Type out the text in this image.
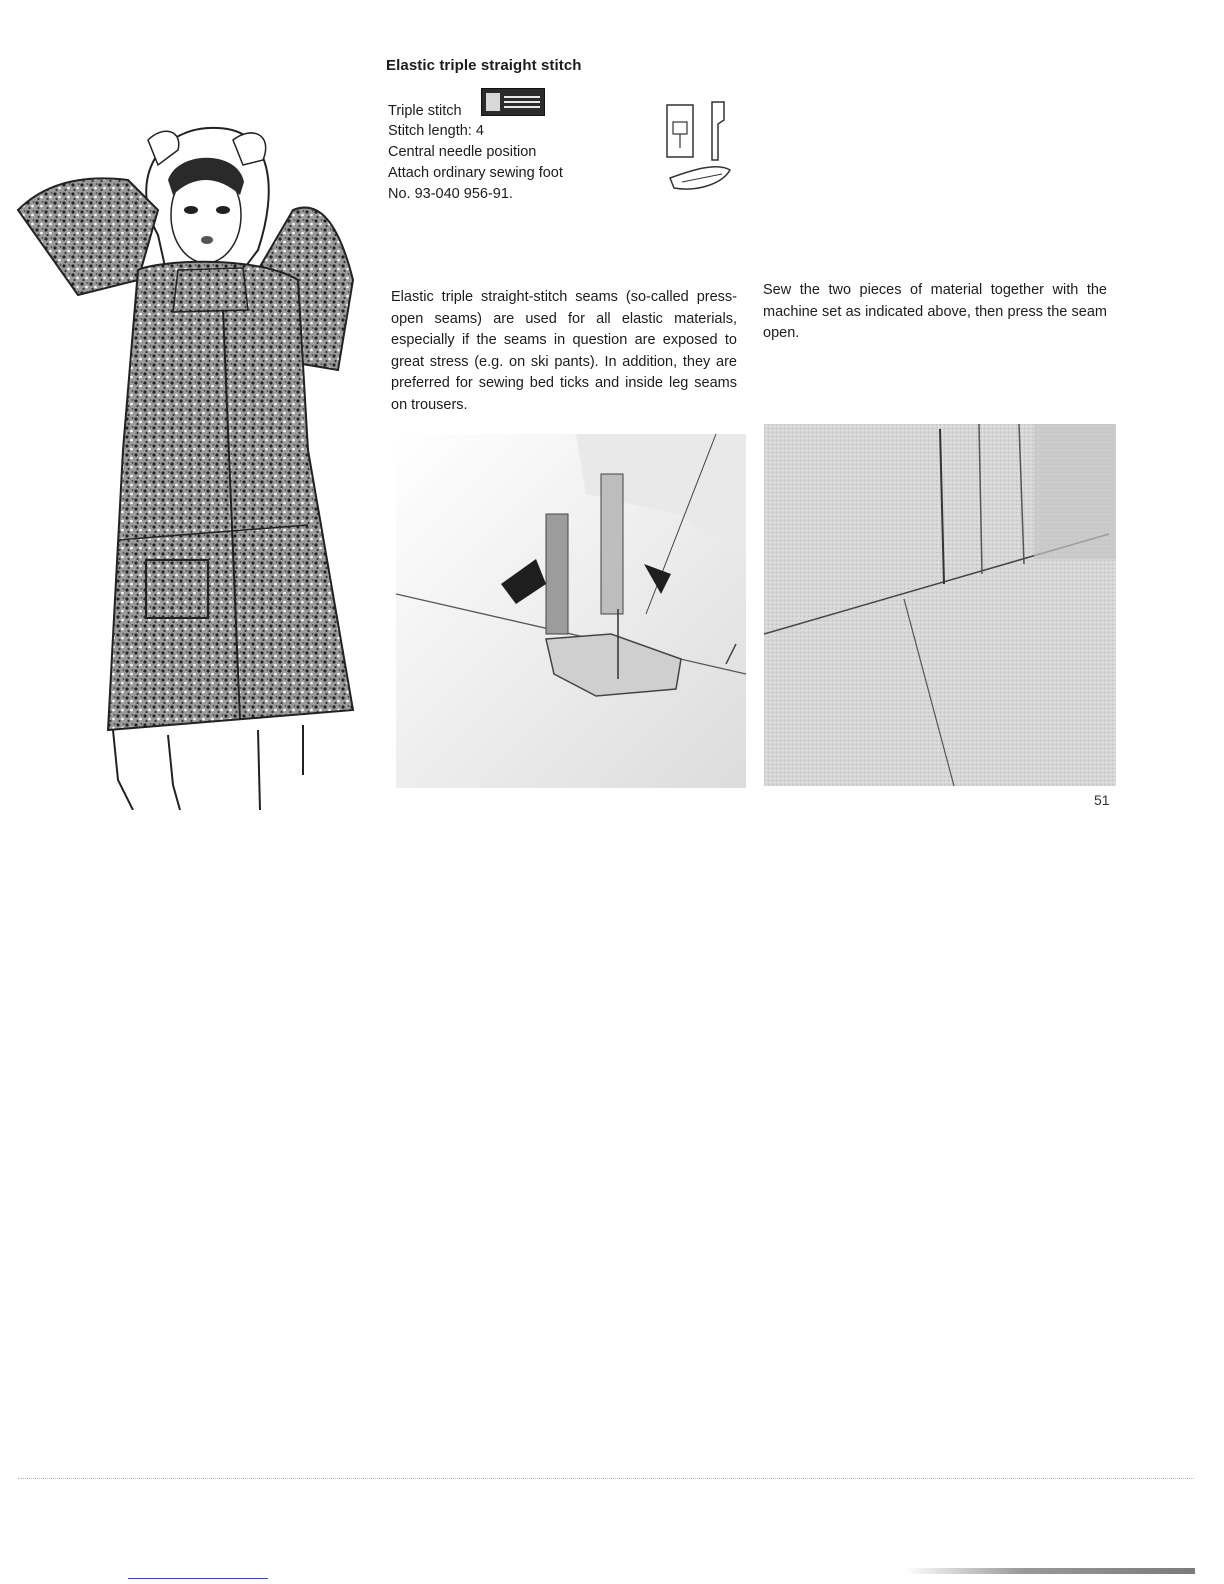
Elastic triple straight stitch
Triple stitch
Stitch length: 4
Central needle position
Attach ordinary sewing foot
No. 93-040 956-91.
Elastic triple straight-stitch seams (so-called press-open seams) are used for all elastic materials, especially if the seams in question are exposed to great stress (e.g. on ski pants). In addition, they are preferred for sewing bed ticks and inside leg seams on trousers.
Sew the two pieces of material together with the machine set as indicated above, then press the seam open.
51
